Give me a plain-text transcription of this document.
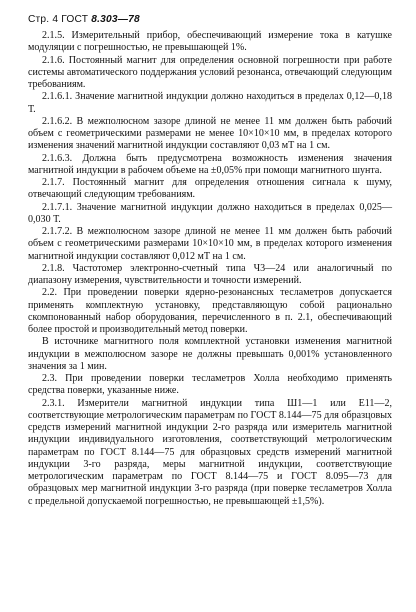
Стр. 4 ГОСТ 8.303—78

2.1.5. Измерительный прибор, обеспечивающий измерение тока в катушке модуляции с погрешностью, не превышающей 1%.

2.1.6. Постоянный магнит для определения основной погрешности при работе системы автоматического поддержания условий резонанса, отвечающий следующим требованиям.

2.1.6.1. Значение магнитной индукции должно находиться в пределах 0,12—0,18 Т.

2.1.6.2. В межполюсном зазоре длиной не менее 11 мм должен быть рабочий объем с геометрическими размерами не менее 10×10×10 мм, в пределах которого изменения значений магнитной индукции составляют 0,03 мТ на 1 см.

2.1.6.3. Должна быть предусмотрена возможность изменения значения магнитной индукции в рабочем объеме на ±0,05% при помощи магнитного шунта.

2.1.7. Постоянный магнит для определения отношения сигнала к шуму, отвечающий следующим требованиям.

2.1.7.1. Значение магнитной индукции должно находиться в пределах 0,025—0,030 Т.

2.1.7.2. В межполюсном зазоре длиной не менее 11 мм должен быть рабочий объем с геометрическими размерами 10×10×10 мм, в пределах которого изменения магнитной индукции составляют 0,012 мТ на 1 см.

2.1.8. Частотомер электронно-счетный типа Ч3—24 или аналогичный по диапазону измерения, чувствительности и точности измерений.

2.2. При проведении поверки ядерно-резонансных тесламетров допускается применять комплектную установку, представляющую собой рационально скомпонованный набор оборудования, перечисленного в п. 2.1, обеспечивающий более простой и производительный метод поверки.

В источнике магнитного поля комплектной установки изменения магнитной индукции в межполюсном зазоре не должны превышать 0,001% установленного значения за 1 мин.

2.3. При проведении поверки тесламетров Холла необходимо применять средства поверки, указанные ниже.

2.3.1. Измерители магнитной индукции типа Ш1—1 или Е11—2, соответствующие метрологическим параметрам по ГОСТ 8.144—75 для образцовых средств измерений магнитной индукции 2-го разряда или измеритель магнитной индукции индивидуального изготовления, соответствующий метрологическим параметрам по ГОСТ 8.144—75 для образцовых средств измерений магнитной индукции 3-го разряда, меры магнитной индукции, соответствующие метрологическим параметрам по ГОСТ 8.144—75 и ГОСТ 8.095—73 для образцовых мер магнитной индукции 3-го разряда (при поверке тесламетров Холла с предельной допускаемой погрешностью, не превышающей ±1,5%).
